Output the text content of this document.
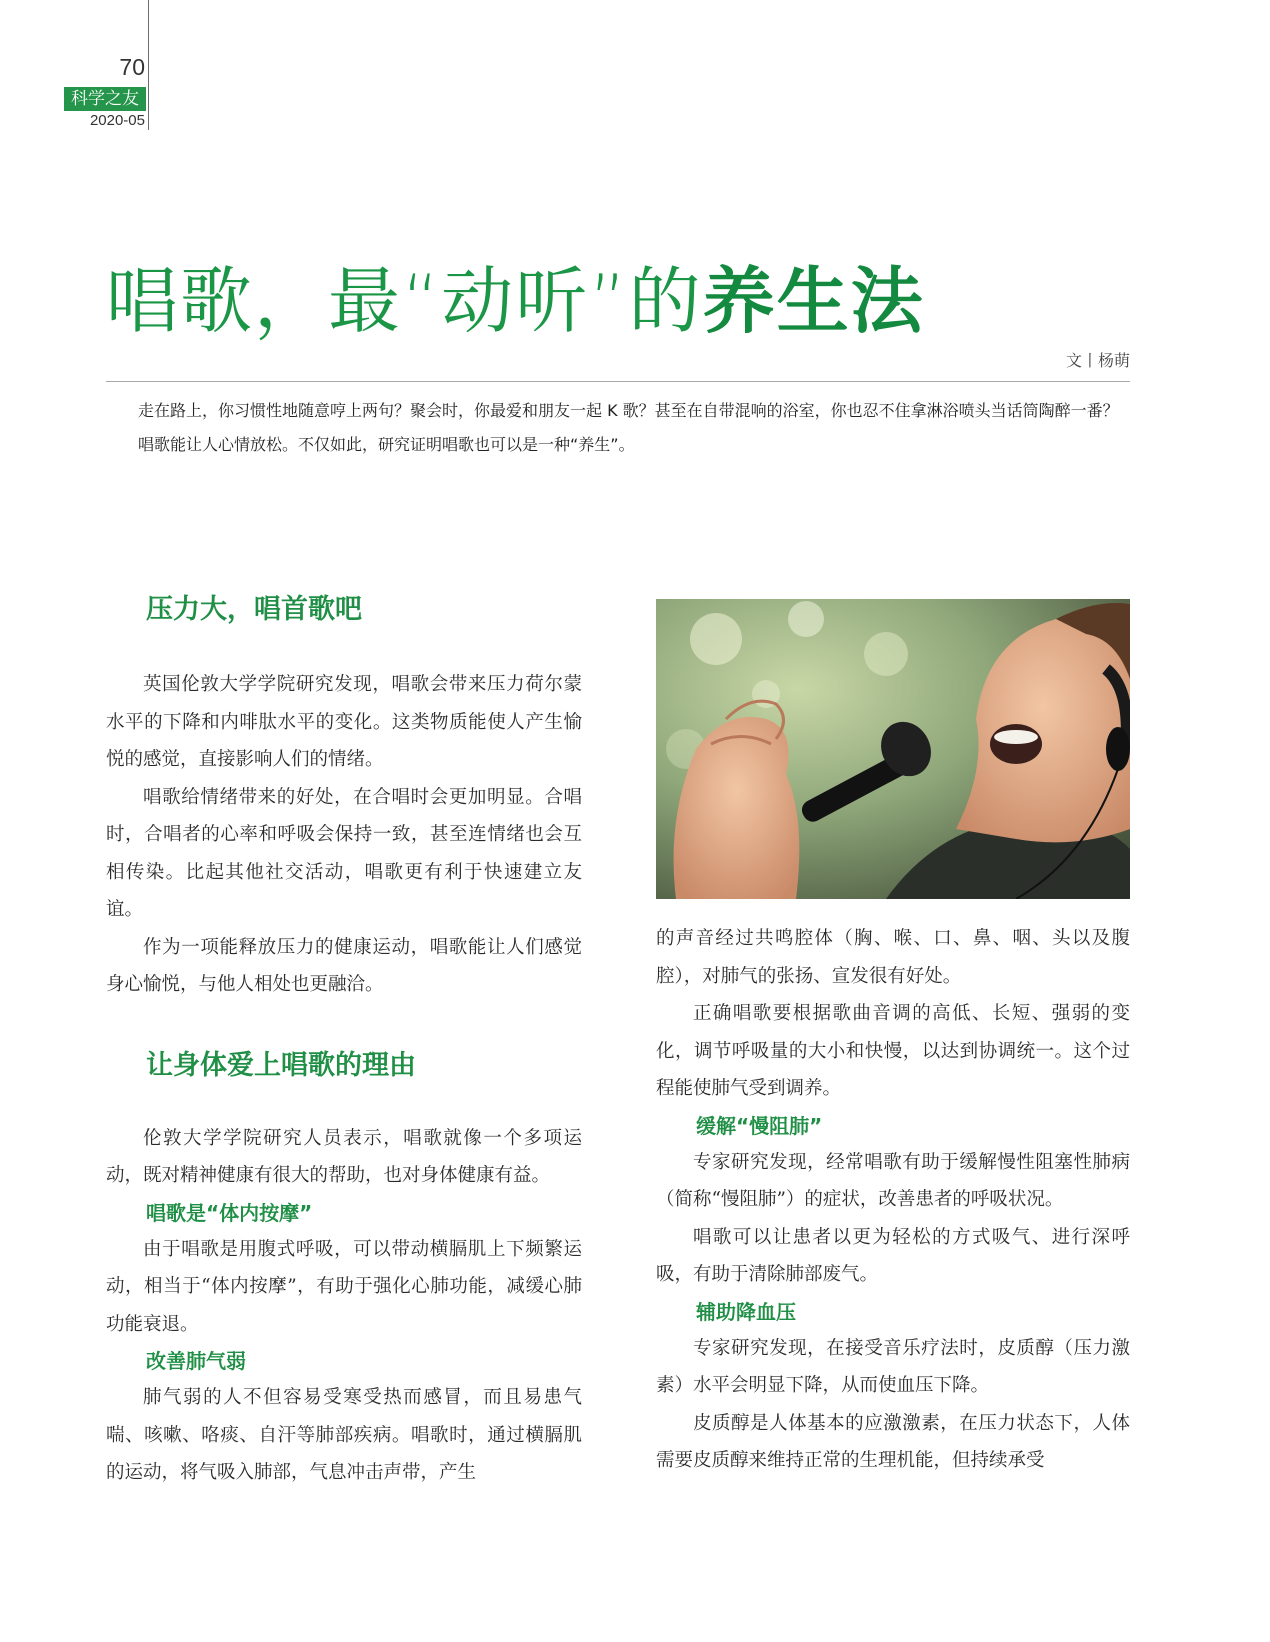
70
科学之友
2020-05
唱歌，最“动听”的养生法
文丨杨萌

走在路上，你习惯性地随意哼上两句？聚会时，你最爱和朋友一起 K 歌？甚至在自带混响的浴室，你也忍不住拿淋浴喷头当话筒陶醉一番？

唱歌能让人心情放松。不仅如此，研究证明唱歌也可以是一种“养生”。

压力大，唱首歌吧

英国伦敦大学学院研究发现，唱歌会带来压力荷尔蒙水平的下降和内啡肽水平的变化。这类物质能使人产生愉悦的感觉，直接影响人们的情绪。

唱歌给情绪带来的好处，在合唱时会更加明显。合唱时，合唱者的心率和呼吸会保持一致，甚至连情绪也会互相传染。比起其他社交活动，唱歌更有利于快速建立友谊。

作为一项能释放压力的健康运动，唱歌能让人们感觉身心愉悦，与他人相处也更融洽。

让身体爱上唱歌的理由

伦敦大学学院研究人员表示，唱歌就像一个多项运动，既对精神健康有很大的帮助，也对身体健康有益。

唱歌是“体内按摩”

由于唱歌是用腹式呼吸，可以带动横膈肌上下频繁运动，相当于“体内按摩”，有助于强化心肺功能，减缓心肺功能衰退。

改善肺气弱

肺气弱的人不但容易受寒受热而感冒，而且易患气喘、咳嗽、咯痰、自汗等肺部疾病。唱歌时，通过横膈肌的运动，将气吸入肺部，气息冲击声带，产生

的声音经过共鸣腔体（胸、喉、口、鼻、咽、头以及腹腔），对肺气的张扬、宣发很有好处。

正确唱歌要根据歌曲音调的高低、长短、强弱的变化，调节呼吸量的大小和快慢，以达到协调统一。这个过程能使肺气受到调养。

缓解“慢阻肺”

专家研究发现，经常唱歌有助于缓解慢性阻塞性肺病（简称“慢阻肺”）的症状，改善患者的呼吸状况。

唱歌可以让患者以更为轻松的方式吸气、进行深呼吸，有助于清除肺部废气。

辅助降血压

专家研究发现，在接受音乐疗法时，皮质醇（压力激素）水平会明显下降，从而使血压下降。

皮质醇是人体基本的应激激素，在压力状态下，人体需要皮质醇来维持正常的生理机能，但持续承受
